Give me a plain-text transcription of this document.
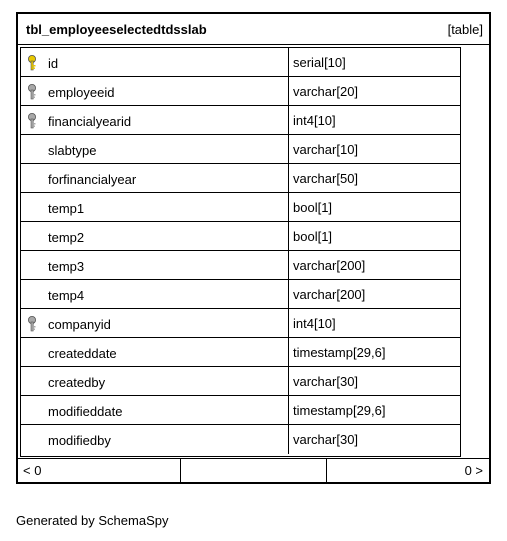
tbl_employeeselectedtdsslab	[table]
id	serial[10]
employeeid	varchar[20]
financialyearid	int4[10]
slabtype	varchar[10]
forfinancialyear	varchar[50]
temp1	bool[1]
temp2	bool[1]
temp3	varchar[200]
temp4	varchar[200]
companyid	int4[10]
createddate	timestamp[29,6]
createdby	varchar[30]
modifieddate	timestamp[29,6]
modifiedby	varchar[30]
< 0	0 >
Generated by SchemaSpy
